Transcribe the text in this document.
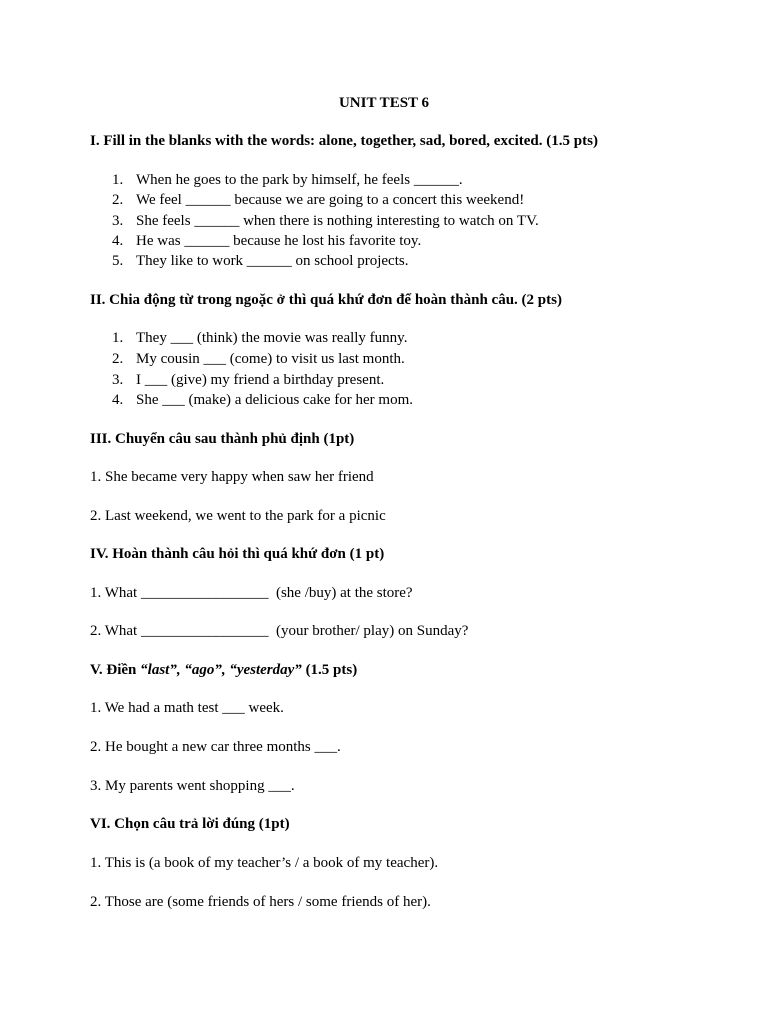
UNIT TEST 6
I. Fill in the blanks with the words: alone, together, sad, bored, excited. (1.5 pts)
1. When he goes to the park by himself, he feels ______.
2. We feel ______ because we are going to a concert this weekend!
3. She feels ______ when there is nothing interesting to watch on TV.
4. He was ______ because he lost his favorite toy.
5. They like to work ______ on school projects.
II. Chia động từ trong ngoặc ở thì quá khứ đơn để hoàn thành câu. (2 pts)
1. They ___ (think) the movie was really funny.
2. My cousin ___ (come) to visit us last month.
3. I ___ (give) my friend a birthday present.
4. She ___ (make) a delicious cake for her mom.
III. Chuyển câu sau thành phủ định (1pt)
1. She became very happy when saw her friend
2. Last weekend, we went to the park for a picnic
IV. Hoàn thành câu hỏi thì quá khứ đơn (1 pt)
1. What _________________  (she /buy) at the store?
2. What _________________  (your brother/ play) on Sunday?
V. Điền “last”, “ago”, “yesterday” (1.5 pts)
1. We had a math test ___ week.
2. He bought a new car three months ___.
3. My parents went shopping ___.
VI. Chọn câu trả lời đúng (1pt)
1. This is (a book of my teacher’s / a book of my teacher).
2. Those are (some friends of hers / some friends of her).
